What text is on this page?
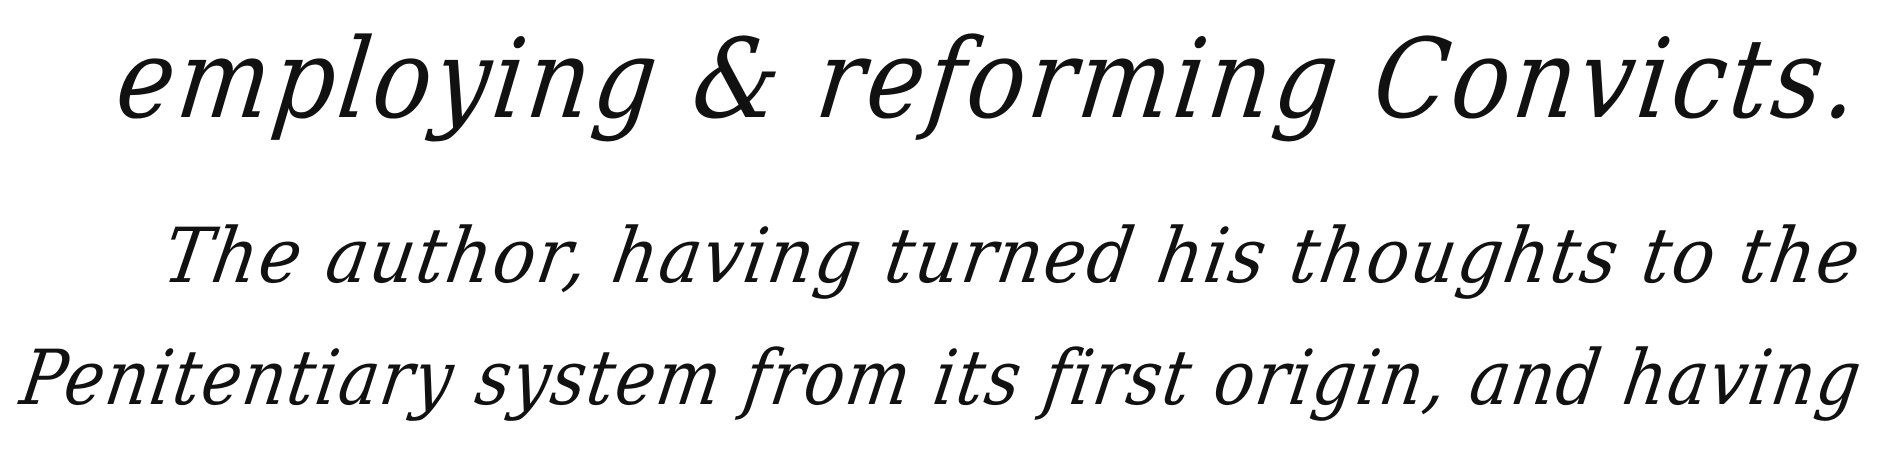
employing & reforming Convicts.
The author, having turned his thoughts to the
Penitentiary system from its first origin, and having
